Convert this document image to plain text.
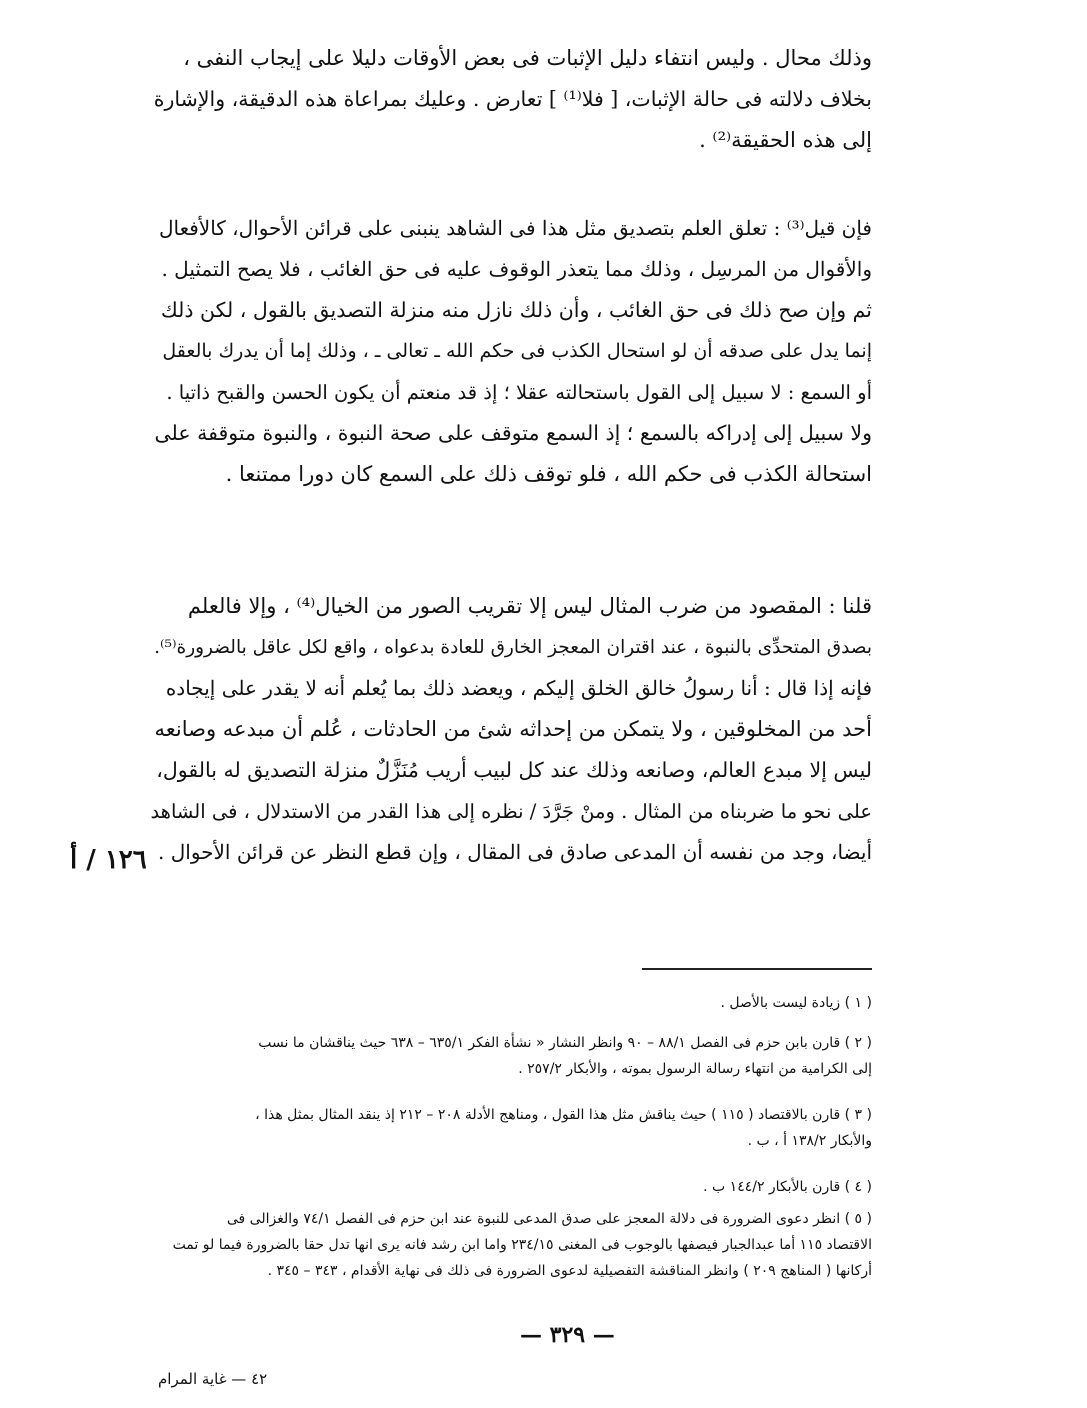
وذلك محال . وليس انتفاء دليل الإثبات فى بعض الأوقات دليلا على إيجاب النفى ،
بخلاف دلالته فى حالة الإثبات، [ فلا⁽¹⁾ ] تعارض . وعليك بمراعاة هذه الدقيقة، والإشارة
إلى هذه الحقيقة⁽²⁾ .
فإن قيل⁽³⁾ : تعلق العلم بتصديق مثل هذا فى الشاهد ينبنى على قرائن الأحوال، كالأفعال
والأقوال من المرسِل ، وذلك مما يتعذر الوقوف عليه فى حق الغائب ، فلا يصح التمثيل .
ثم وإن صح ذلك فى حق الغائب ، وأن ذلك نازل منه منزلة التصديق بالقول ، لكن ذلك
إنما يدل على صدقه أن لو استحال الكذب فى حكم الله ـ تعالى ـ ، وذلك إما أن يدرك بالعقل
أو السمع : لا سبيل إلى القول باستحالته عقلا ؛ إذ قد منعتم أن يكون الحسن والقبح ذاتيا .
ولا سبيل إلى إدراكه بالسمع ؛ إذ السمع متوقف على صحة النبوة ، والنبوة متوقفة على
استحالة الكذب فى حكم الله ، فلو توقف ذلك على السمع كان دورا ممتنعا .
قلنا : المقصود من ضرب المثال ليس إلا تقريب الصور من الخيال⁽⁴⁾ ، وإلا فالعلم
بصدق المتحدِّى بالنبوة ، عند اقتران المعجز الخارق للعادة بدعواه ، واقع لكل عاقل بالضرورة⁽⁵⁾.
فإنه إذا قال : أنا رسولُ خالق الخلق إليكم ، ويعضد ذلك بما يُعلم أنه لا يقدر على إيجاده
أحد من المخلوقين ، ولا يتمكن من إحداثه شئ من الحادثات ، عُلم أن مبدعه وصانعه
ليس إلا مبدع العالم، وصانعه وذلك عند كل لبيب أريب مُنَزَّلٌ منزلة التصديق له بالقول،
على نحو ما ضربناه من المثال . ومنْ جَرَّدَ / نظره إلى هذا القدر من الاستدلال ، فى الشاهد
أيضا، وجد من نفسه أن المدعى صادق فى المقال ، وإن قطع النظر عن قرائن الأحوال .
١٢٦ / أ
( ١ ) زيادة ليست بالأصل .
( ٢ ) قارن بابن حزم فى الفصل ٨٨/١ – ٩٠ وانظر النشار « نشأة الفكر ٦٣٥/١ – ٦٣٨ حيث يناقشان ما نسب
إلى الكرامية من انتهاء رسالة الرسول بموته ، والأبكار ٢٥٧/٢ .
( ٣ ) قارن بالاقتصاد ( ١١٥ ) حيث يناقش مثل هذا القول ، ومناهج الأدلة ٢٠٨ – ٢١٢ إذ ينقد المثال بمثل هذا ،
والأبكار ١٣٨/٢ أ ، ب .
( ٤ ) قارن بالأبكار ١٤٤/٢ ب .
( ٥ ) انظر دعوى الضرورة فى دلالة المعجز على صدق المدعى للنبوة عند ابن حزم فى الفصل ٧٤/١ والغزالى فى
الاقتصاد ١١٥ أما عبدالجبار فيصفها بالوجوب فى المغنى ٢٣٤/١٥ واما ابن رشد فانه يرى انها تدل حقا بالضرورة فيما لو تمت
أركانها ( المناهج ٢٠٩ ) وانظر المناقشة التفصيلية لدعوى الضرورة فى ذلك فى نهاية الأقدام ، ٣٤٣ – ٣٤٥ .
— ٣٢٩ —
٤٢ — غاية المرام
